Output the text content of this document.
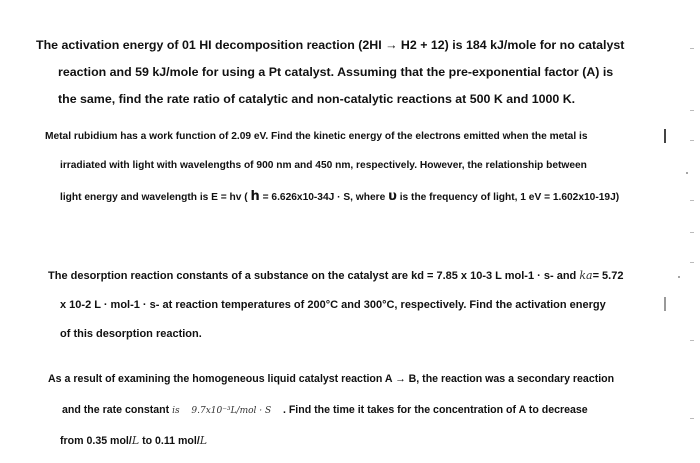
The activation energy of 01 HI decomposition reaction (2HI → H2 + 12) is 184 kJ/mole for no catalyst
reaction and 59 kJ/mole for using a Pt catalyst. Assuming that the pre-exponential factor (A) is
the same, find the rate ratio of catalytic and non-catalytic reactions at 500 K and 1000 K.
Metal rubidium has a work function of 2.09 eV. Find the kinetic energy of the electrons emitted when the metal is
irradiated with light with wavelengths of 900 nm and 450 nm, respectively. However, the relationship between
light energy and wavelength is E = hv ( h = 6.626x10-34J · S, where υ is the frequency of light, 1 eV = 1.602x10-19J)
The desorption reaction constants of a substance on the catalyst are kd = 7.85 x 10-3 L mol-1 · s- and ka= 5.72
x 10-2 L · mol-1 · s- at reaction temperatures of 200°C and 300°C, respectively. Find the activation energy
of this desorption reaction.
As a result of examining the homogeneous liquid catalyst reaction A → B, the reaction was a secondary reaction
and the rate constant is 9.7x10⁻³L/mol · S . Find the time it takes for the concentration of A to decrease
from 0.35 mol/L to 0.11 mol/L
